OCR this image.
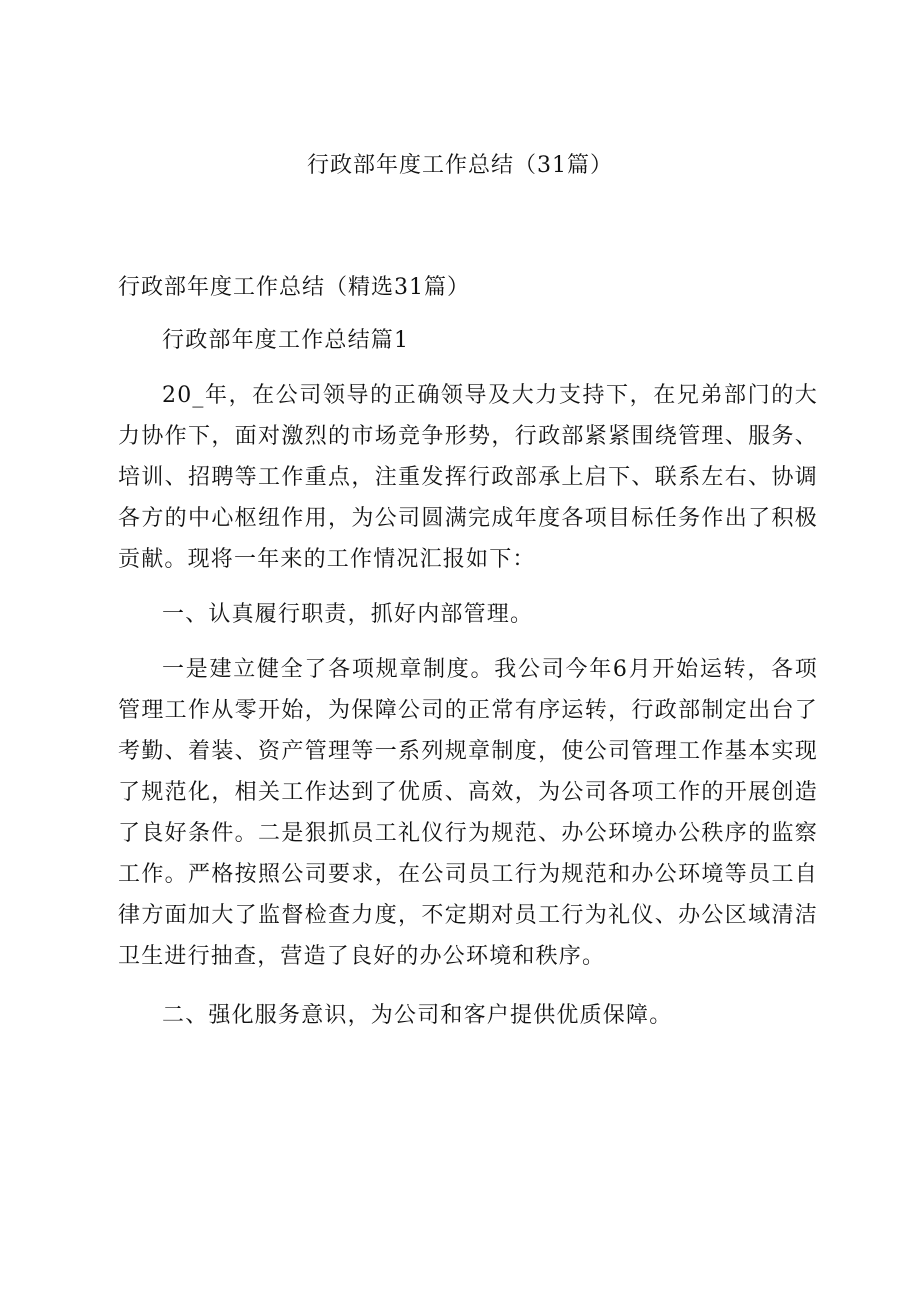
行政部年度工作总结（31篇）
行政部年度工作总结（精选31篇）

行政部年度工作总结篇1

20_年，在公司领导的正确领导及大力支持下，在兄弟部门的大力协作下，面对激烈的市场竞争形势，行政部紧紧围绕管理、服务、培训、招聘等工作重点，注重发挥行政部承上启下、联系左右、协调各方的中心枢纽作用，为公司圆满完成年度各项目标任务作出了积极贡献。现将一年来的工作情况汇报如下：

一、认真履行职责，抓好内部管理。

一是建立健全了各项规章制度。我公司今年6月开始运转，各项管理工作从零开始，为保障公司的正常有序运转，行政部制定出台了考勤、着装、资产管理等一系列规章制度，使公司管理工作基本实现了规范化，相关工作达到了优质、高效，为公司各项工作的开展创造了良好条件。二是狠抓员工礼仪行为规范、办公环境办公秩序的监察工作。严格按照公司要求，在公司员工行为规范和办公环境等员工自律方面加大了监督检查力度，不定期对员工行为礼仪、办公区域清洁卫生进行抽查，营造了良好的办公环境和秩序。

二、强化服务意识，为公司和客户提供优质保障。
